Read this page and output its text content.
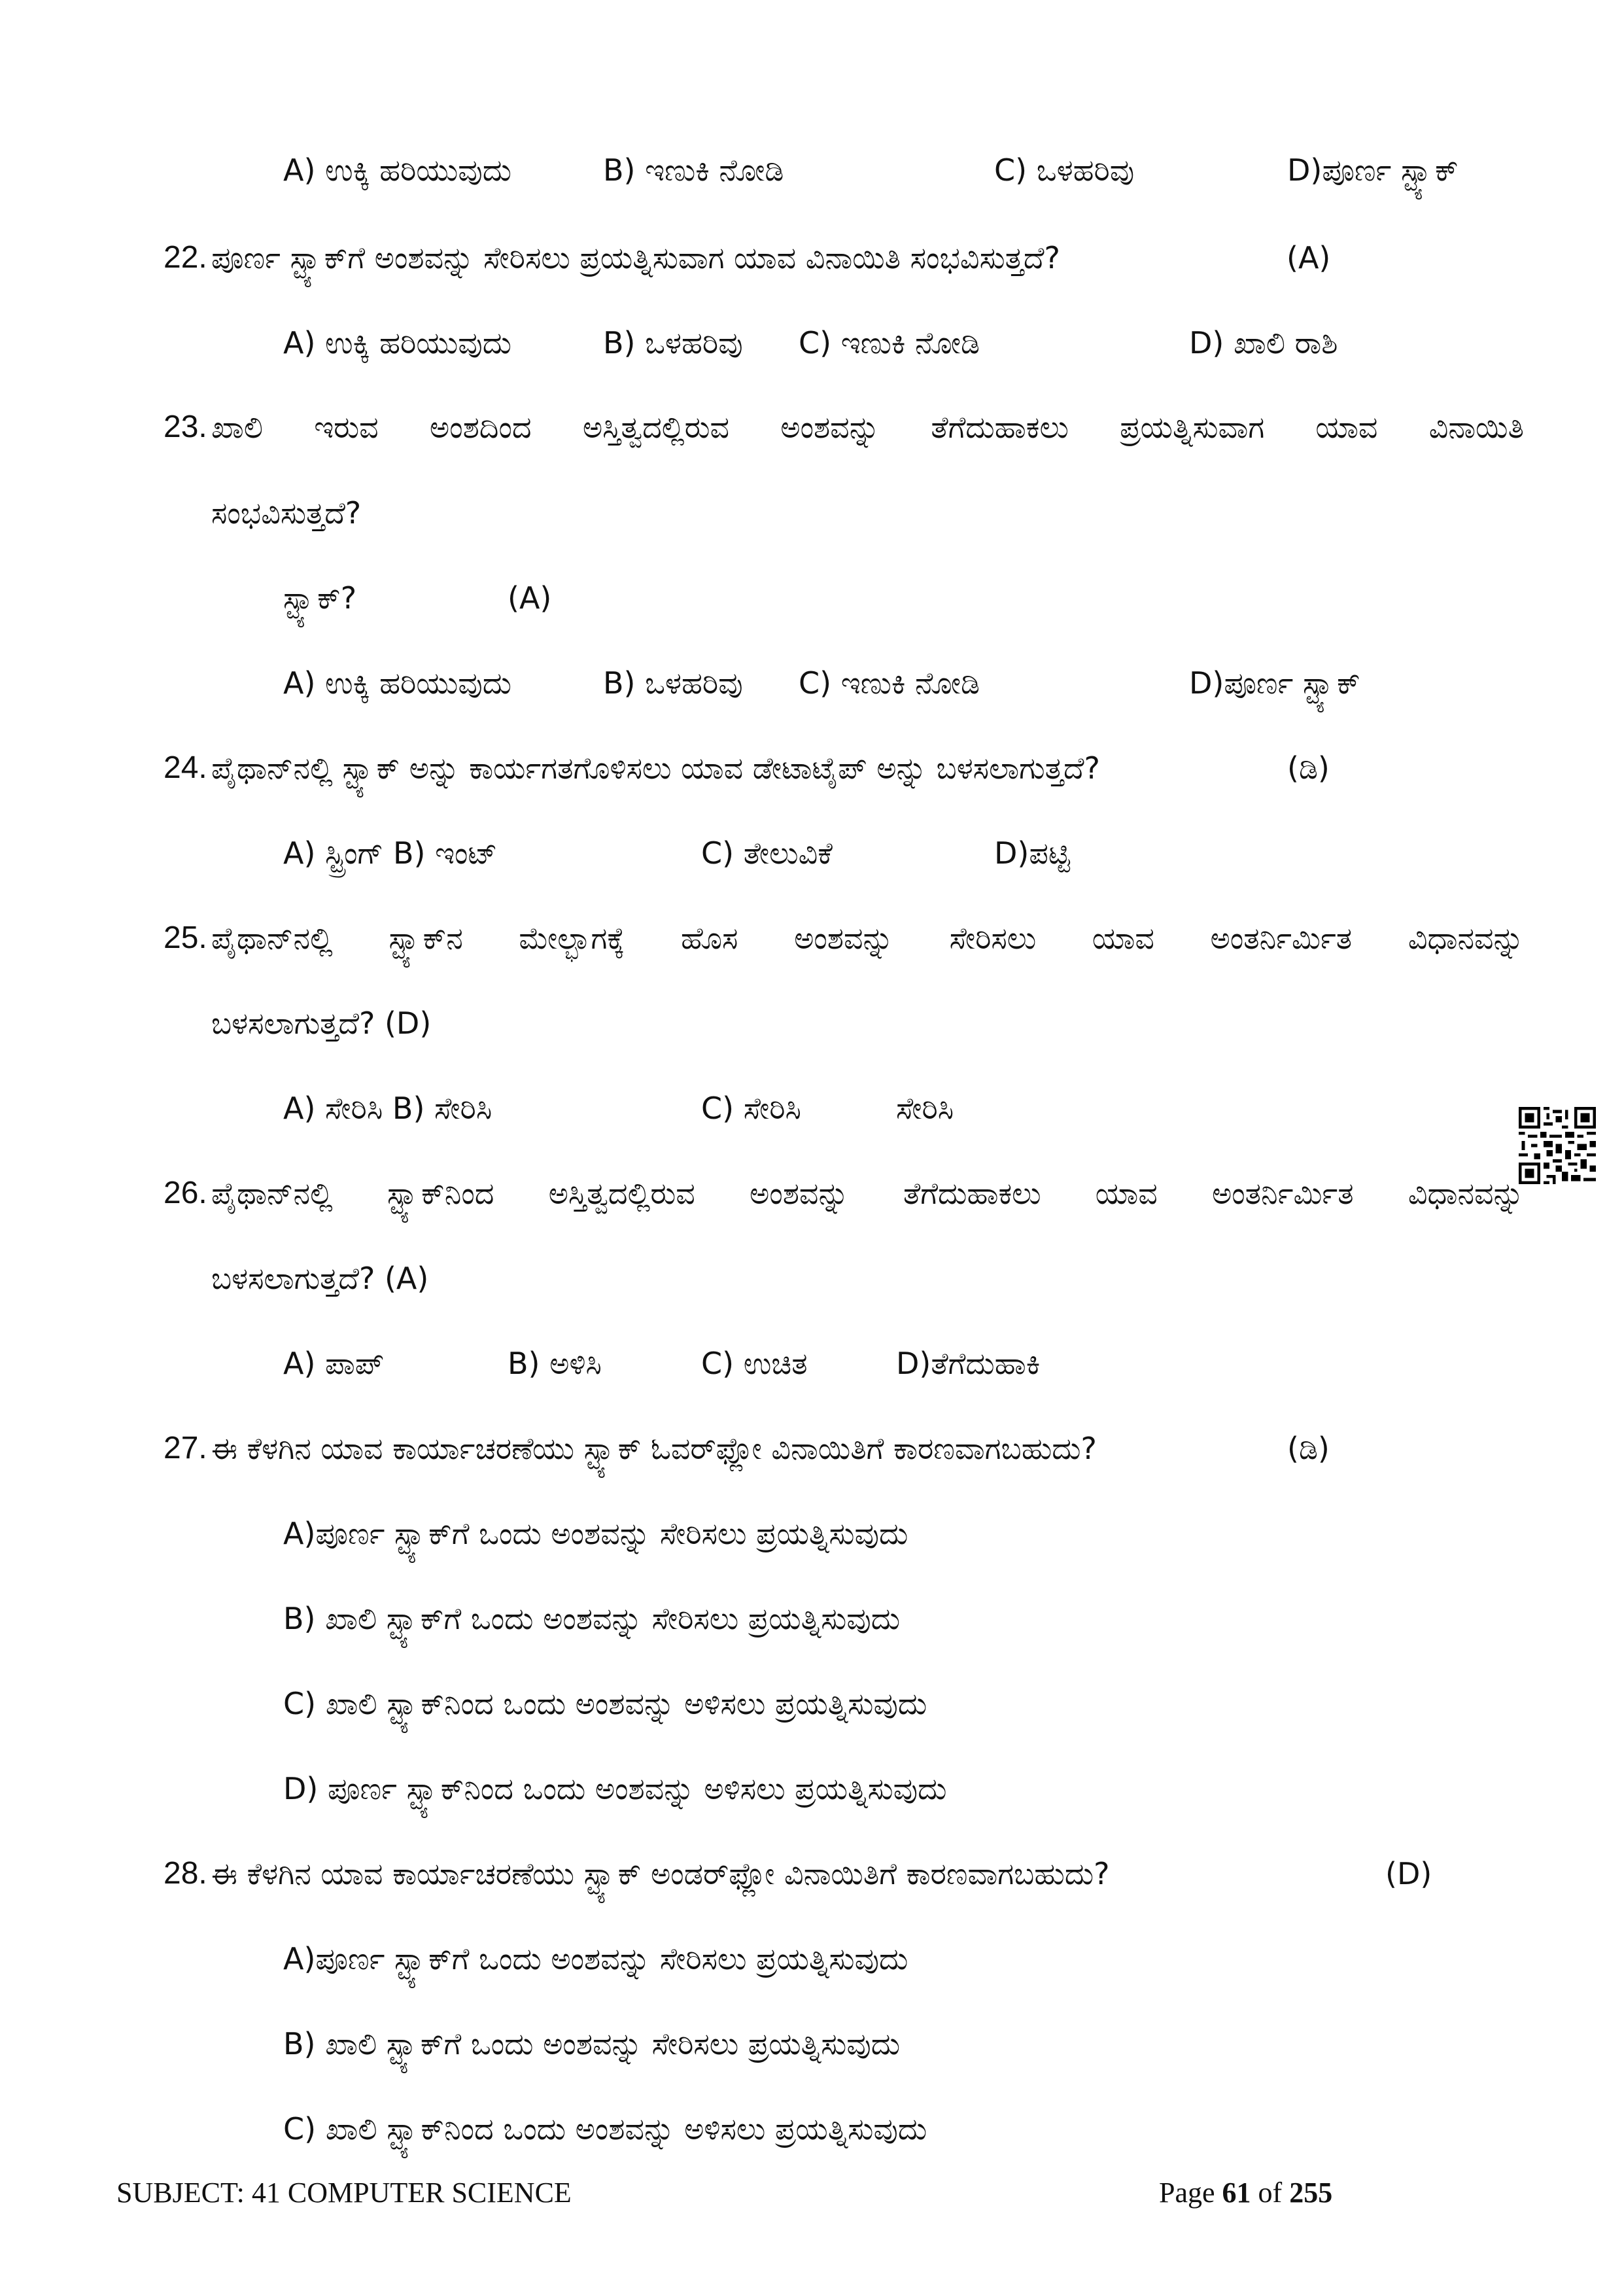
A) ಉಕ್ಕಿ ಹರಿಯುವುದು	B) ಇಣುಕಿ ನೋಡಿ	C) ಒಳಹರಿವು	D)ಪೂರ್ಣ ಸ್ಟ್ಯಾಕ್
22. ಪೂರ್ಣ ಸ್ಟ್ಯಾಕ್‌ಗೆ ಅಂಶವನ್ನು ಸೇರಿಸಲು ಪ್ರಯತ್ನಿಸುವಾಗ ಯಾವ ವಿನಾಯಿತಿ ಸಂಭವಿಸುತ್ತದೆ?	(A)
A) ಉಕ್ಕಿ ಹರಿಯುವುದು	B) ಒಳಹರಿವು C) ಇಣುಕಿ ನೋಡಿ	D) ಖಾಲಿ ರಾಶಿ
23. ಖಾಲಿ ಇರುವ ಅಂಶದಿಂದ ಅಸ್ತಿತ್ವದಲ್ಲಿರುವ ಅಂಶವನ್ನು ತೆಗೆದುಹಾಕಲು ಪ್ರಯತ್ನಿಸುವಾಗ ಯಾವ ವಿನಾಯಿತಿ
ಸಂಭವಿಸುತ್ತದೆ?
ಸ್ಟ್ಯಾಕ್?	(A)
A) ಉಕ್ಕಿ ಹರಿಯುವುದು	B) ಒಳಹರಿವು C) ಇಣುಕಿ ನೋಡಿ	D)ಪೂರ್ಣ ಸ್ಟ್ಯಾಕ್
24. ಪೈಥಾನ್‌ನಲ್ಲಿ ಸ್ಟ್ಯಾಕ್ ಅನ್ನು ಕಾರ್ಯಗತಗೊಳಿಸಲು ಯಾವ ಡೇಟಾಟೈಪ್ ಅನ್ನು ಬಳಸಲಾಗುತ್ತದೆ?	(ಡಿ)
A) ಸ್ಟ್ರಿಂಗ್ B) ಇಂಟ್	C) ತೇಲುವಿಕೆ	D)ಪಟ್ಟಿ
25. ಪೈಥಾನ್‌ನಲ್ಲಿ ಸ್ಟ್ಯಾಕ್‌ನ ಮೇಲ್ಭಾಗಕ್ಕೆ ಹೊಸ ಅಂಶವನ್ನು ಸೇರಿಸಲು ಯಾವ ಅಂತರ್ನಿರ್ಮಿತ ವಿಧಾನವನ್ನು
ಬಳಸಲಾಗುತ್ತದೆ? (D)
A) ಸೇರಿಸಿ B) ಸೇರಿಸಿ	C) ಸೇರಿಸಿ	ಸೇರಿಸಿ
26. ಪೈಥಾನ್‌ನಲ್ಲಿ ಸ್ಟ್ಯಾಕ್‌ನಿಂದ ಅಸ್ತಿತ್ವದಲ್ಲಿರುವ ಅಂಶವನ್ನು ತೆಗೆದುಹಾಕಲು ಯಾವ ಅಂತರ್ನಿರ್ಮಿತ ವಿಧಾನವನ್ನು
ಬಳಸಲಾಗುತ್ತದೆ? (A)
A) ಪಾಪ್	B) ಅಳಿಸಿ	C) ಉಚಿತ	D)ತೆಗೆದುಹಾಕಿ
27. ಈ ಕೆಳಗಿನ ಯಾವ ಕಾರ್ಯಾಚರಣೆಯು ಸ್ಟ್ಯಾಕ್ ಓವರ್‌ಫ್ಲೋ ವಿನಾಯಿತಿಗೆ ಕಾರಣವಾಗಬಹುದು?	(ಡಿ)
A)ಪೂರ್ಣ ಸ್ಟ್ಯಾಕ್‌ಗೆ ಒಂದು ಅಂಶವನ್ನು ಸೇರಿಸಲು ಪ್ರಯತ್ನಿಸುವುದು
B) ಖಾಲಿ ಸ್ಟ್ಯಾಕ್‌ಗೆ ಒಂದು ಅಂಶವನ್ನು ಸೇರಿಸಲು ಪ್ರಯತ್ನಿಸುವುದು
C) ಖಾಲಿ ಸ್ಟ್ಯಾಕ್‌ನಿಂದ ಒಂದು ಅಂಶವನ್ನು ಅಳಿಸಲು ಪ್ರಯತ್ನಿಸುವುದು
D) ಪೂರ್ಣ ಸ್ಟ್ಯಾಕ್‌ನಿಂದ ಒಂದು ಅಂಶವನ್ನು ಅಳಿಸಲು ಪ್ರಯತ್ನಿಸುವುದು
28. ಈ ಕೆಳಗಿನ ಯಾವ ಕಾರ್ಯಾಚರಣೆಯು ಸ್ಟ್ಯಾಕ್ ಅಂಡರ್‌ಫ್ಲೋ ವಿನಾಯಿತಿಗೆ ಕಾರಣವಾಗಬಹುದು?	(D)
A)ಪೂರ್ಣ ಸ್ಟ್ಯಾಕ್‌ಗೆ ಒಂದು ಅಂಶವನ್ನು ಸೇರಿಸಲು ಪ್ರಯತ್ನಿಸುವುದು
B) ಖಾಲಿ ಸ್ಟ್ಯಾಕ್‌ಗೆ ಒಂದು ಅಂಶವನ್ನು ಸೇರಿಸಲು ಪ್ರಯತ್ನಿಸುವುದು
C) ಖಾಲಿ ಸ್ಟ್ಯಾಕ್‌ನಿಂದ ಒಂದು ಅಂಶವನ್ನು ಅಳಿಸಲು ಪ್ರಯತ್ನಿಸುವುದು
SUBJECT: 41 COMPUTER SCIENCE	Page 61 of 255
